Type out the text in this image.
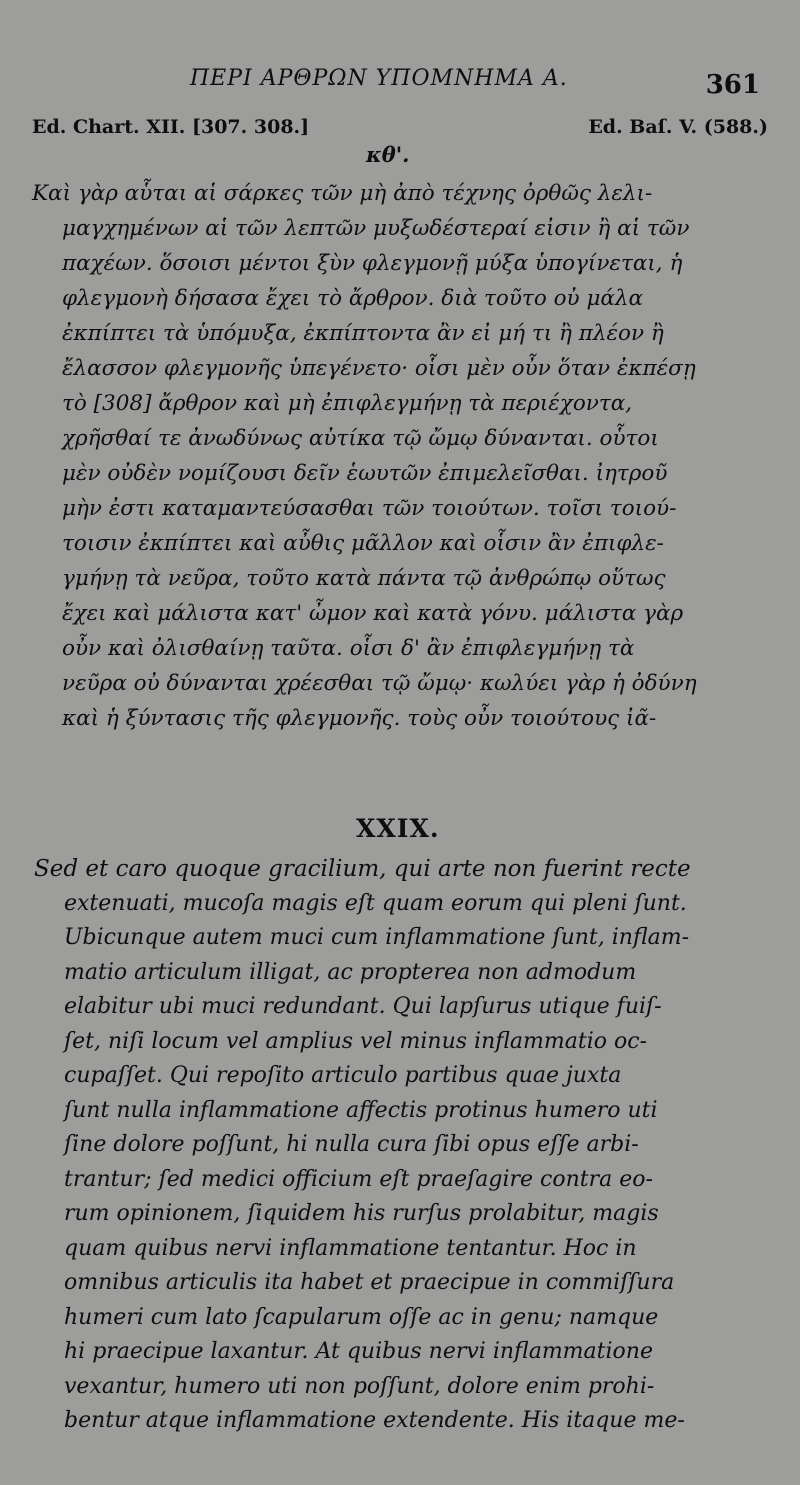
ΠΕΡΙ ΑΡΘΡΩΝ ΥΠΟΜΝΗΜΑ Α.	361
Ed. Chart. XII. [307. 308.]	Ed. Baſ. V. (588.)
κθ'.
Καὶ γὰρ αὗται αἱ σάρκες τῶν μὴ ἀπὸ τέχνης ὀρθῶς λελι-
μαγχημένων αἱ τῶν λεπτῶν μυξωδέστεραί εἰσιν ἢ αἱ τῶν
παχέων. ὅσοισι μέντοι ξὺν φλεγμονῇ μύξα ὑπογίνεται, ἡ
φλεγμονὴ δήσασα ἔχει τὸ ἄρθρον. διὰ τοῦτο οὐ μάλα
ἐκπίπτει τὰ ὑπόμυξα, ἐκπίπτοντα ἂν εἰ μή τι ἢ πλέον ἢ
ἔλασσον φλεγμονῆς ὑπεγένετο· οἷσι μὲν οὖν ὅταν ἐκπέσῃ
τὸ [308] ἄρθρον καὶ μὴ ἐπιφλεγμήνῃ τὰ περιέχοντα,
χρῆσθαί τε ἀνωδύνως αὐτίκα τῷ ὤμῳ δύνανται. οὗτοι
μὲν οὐδὲν νομίζουσι δεῖν ἑωυτῶν ἐπιμελεῖσθαι. ἰητροῦ
μὴν ἐστι καταμαντεύσασθαι τῶν τοιούτων. τοῖσι τοιού-
τοισιν ἐκπίπτει καὶ αὖθις μᾶλλον καὶ οἷσιν ἂν ἐπιφλε-
γμήνῃ τὰ νεῦρα, τοῦτο κατὰ πάντα τῷ ἀνθρώπῳ οὕτως
ἔχει καὶ μάλιστα κατ' ὦμον καὶ κατὰ γόνυ. μάλιστα γὰρ
οὖν καὶ ὀλισθαίνῃ ταῦτα. οἷσι δ' ἂν ἐπιφλεγμήνῃ τὰ
νεῦρα οὐ δύνανται χρέεσθαι τῷ ὤμῳ· κωλύει γὰρ ἡ ὀδύνη
καὶ ἡ ξύντασις τῆς φλεγμονῆς. τοὺς οὖν τοιούτους ἰᾶ-
XXIX.
Sed et caro quoque gracilium, qui arte non fuerint recte
extenuati, mucoſa magis eſt quam eorum qui pleni ſunt.
Ubicunque autem muci cum inflammatione ſunt, inflam-
matio articulum illigat, ac propterea non admodum
elabitur ubi muci redundant. Qui lapſurus utique fuiſ-
ſet, niſi locum vel amplius vel minus inflammatio oc-
cupaſſet. Qui repoſito articulo partibus quae juxta
ſunt nulla inflammatione affectis protinus humero uti
ſine dolore poſſunt, hi nulla cura ſibi opus eſſe arbi-
trantur; ſed medici officium eſt praeſagire contra eo-
rum opinionem, ſiquidem his rurſus prolabitur, magis
quam quibus nervi inflammatione tentantur. Hoc in
omnibus articulis ita habet et praecipue in commiſſura
humeri cum lato ſcapularum oſſe ac in genu; namque
hi praecipue laxantur. At quibus nervi inflammatione
vexantur, humero uti non poſſunt, dolore enim prohi-
bentur atque inflammatione extendente. His itaque me-
